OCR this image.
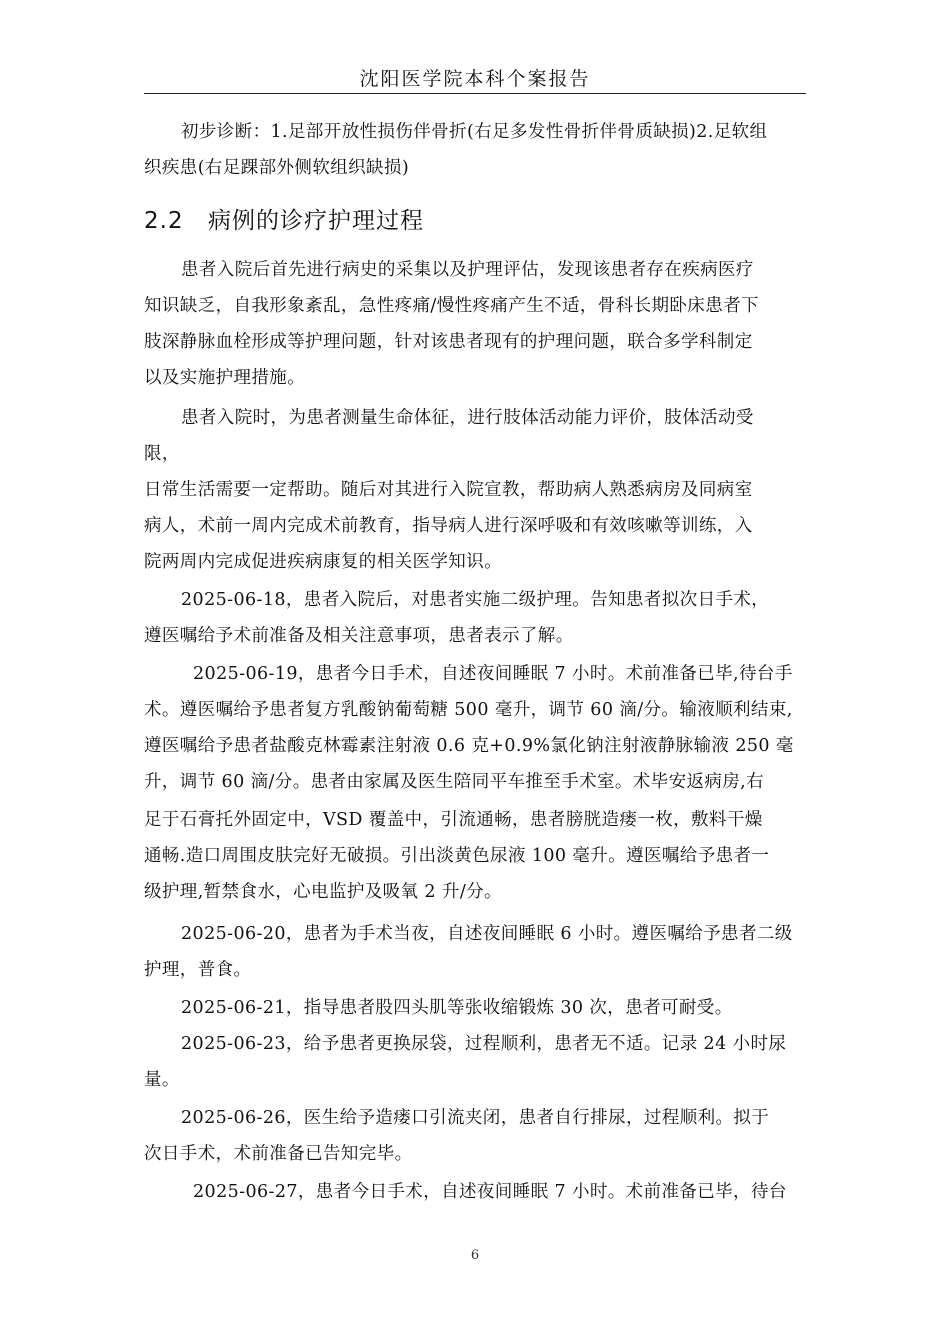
沈阳医学院本科个案报告
初步诊断：1.足部开放性损伤伴骨折(右足多发性骨折伴骨质缺损)2.足软组
织疾患(右足踝部外侧软组织缺损)
2.2 病例的诊疗护理过程
患者入院后首先进行病史的采集以及护理评估，发现该患者存在疾病医疗
知识缺乏，自我形象紊乱，急性疼痛/慢性疼痛产生不适，骨科长期卧床患者下
肢深静脉血栓形成等护理问题，针对该患者现有的护理问题，联合多学科制定
以及实施护理措施。
患者入院时，为患者测量生命体征，进行肢体活动能力评价，肢体活动受
限，
日常生活需要一定帮助。随后对其进行入院宣教，帮助病人熟悉病房及同病室
病人，术前一周内完成术前教育，指导病人进行深呼吸和有效咳嗽等训练，入
院两周内完成促进疾病康复的相关医学知识。
2025-06-18，患者入院后，对患者实施二级护理。告知患者拟次日手术，
遵医嘱给予术前准备及相关注意事项，患者表示了解。
2025-06-19，患者今日手术，自述夜间睡眠 7 小时。术前准备已毕,待台手
术。遵医嘱给予患者复方乳酸钠葡萄糖 500 毫升，调节 60 滴/分。输液顺利结束,
遵医嘱给予患者盐酸克林霉素注射液 0.6 克+0.9%氯化钠注射液静脉输液 250 毫
升，调节 60 滴/分。患者由家属及医生陪同平车推至手术室。术毕安返病房,右
足于石膏托外固定中，VSD 覆盖中，引流通畅，患者膀胱造瘘一枚，敷料干燥
通畅.造口周围皮肤完好无破损。引出淡黄色尿液 100 毫升。遵医嘱给予患者一
级护理,暂禁食水，心电监护及吸氧 2 升/分。
2025-06-20，患者为手术当夜，自述夜间睡眠 6 小时。遵医嘱给予患者二级
护理，普食。
2025-06-21，指导患者股四头肌等张收缩锻炼 30 次，患者可耐受。
2025-06-23，给予患者更换尿袋，过程顺利，患者无不适。记录 24 小时尿
量。
2025-06-26，医生给予造瘘口引流夹闭，患者自行排尿，过程顺利。拟于
次日手术，术前准备已告知完毕。
2025-06-27，患者今日手术，自述夜间睡眠 7 小时。术前准备已毕，待台
6
